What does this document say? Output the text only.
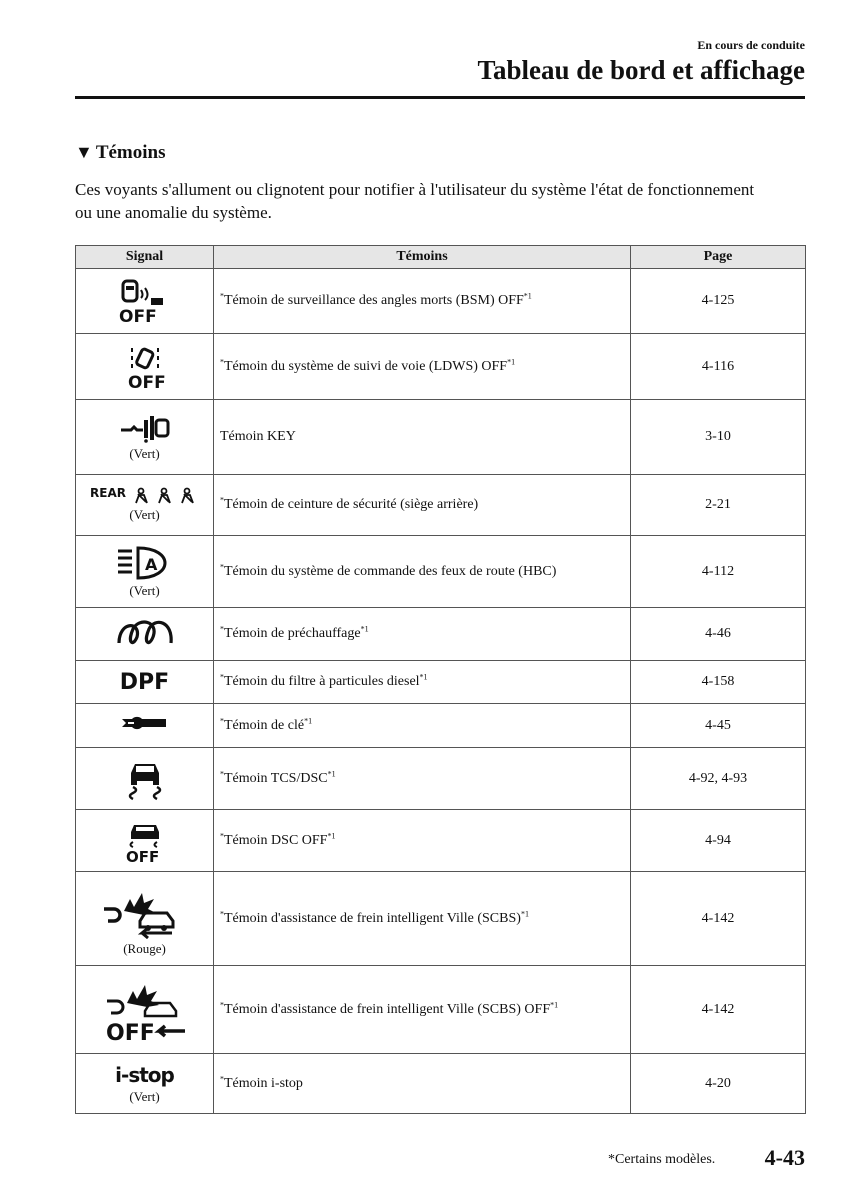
En cours de conduite
Tableau de bord et affichage
▼ Témoins
Ces voyants s'allument ou clignotent pour notifier à l'utilisateur du système l'état de fonctionnement ou une anomalie du système.
Signal	Témoins	Page

OFF	*Témoin de surveillance des angles morts (BSM) OFF$^{*1}$	4-125

OFF	*Témoin du système de suivi de voie (LDWS) OFF$^{*1}$	4-116

(Vert)	Témoin KEY	3-10

REAR
(Vert)	*Témoin de ceinture de sécurité (siège arrière)	2-21

A
(Vert)	*Témoin du système de commande des feux de route (HBC)	4-112

	*Témoin de préchauffage$^{*1}$	4-46

DPF	*Témoin du filtre à particules diesel$^{*1}$	4-158

	*Témoin de clé$^{*1}$	4-45

	*Témoin TCS/DSC$^{*1}$	4-92, 4-93

OFF	*Témoin DSC OFF$^{*1}$	4-94

(Rouge)	*Témoin d'assistance de frein intelligent Ville (SCBS)$^{*1}$	4-142

OFF	*Témoin d'assistance de frein intelligent Ville (SCBS) OFF$^{*1}$	4-142

i-stop
(Vert)	*Témoin i-stop	4-20
*Certains modèles. 4-43
